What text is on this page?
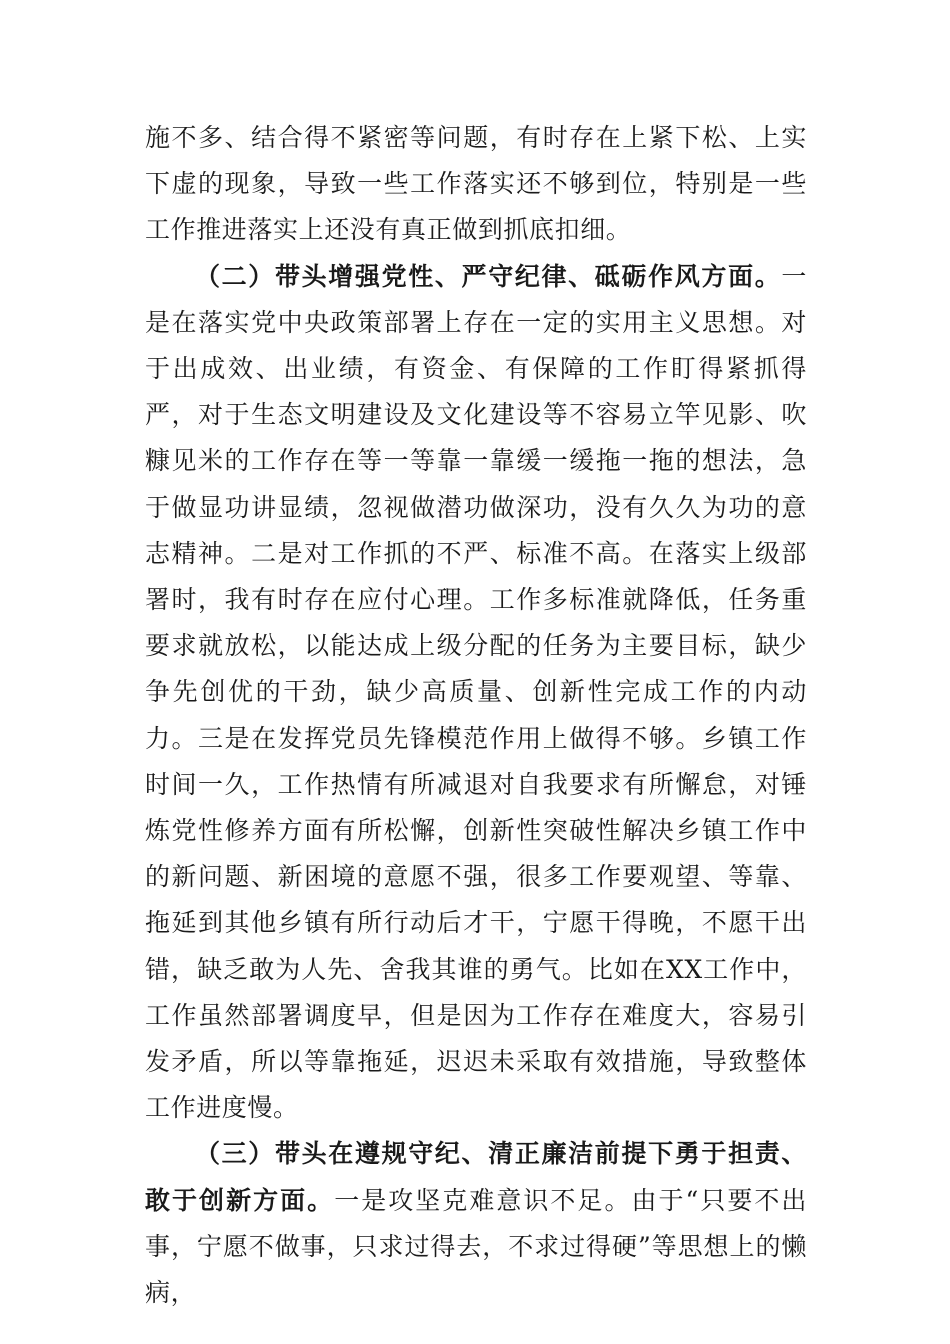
施不多、结合得不紧密等问题，有时存在上紧下松、上实下虚的现象，导致一些工作落实还不够到位，特别是一些工作推进落实上还没有真正做到抓底扣细。

（二）带头增强党性、严守纪律、砥砺作风方面。一是在落实党中央政策部署上存在一定的实用主义思想。对于出成效、出业绩，有资金、有保障的工作盯得紧抓得严，对于生态文明建设及文化建设等不容易立竿见影、吹糠见米的工作存在等一等靠一靠缓一缓拖一拖的想法，急于做显功讲显绩，忽视做潜功做深功，没有久久为功的意志精神。二是对工作抓的不严、标准不高。在落实上级部署时，我有时存在应付心理。工作多标准就降低，任务重要求就放松，以能达成上级分配的任务为主要目标，缺少争先创优的干劲，缺少高质量、创新性完成工作的内动力。三是在发挥党员先锋模范作用上做得不够。乡镇工作时间一久，工作热情有所减退对自我要求有所懈怠，对锤炼党性修养方面有所松懈，创新性突破性解决乡镇工作中的新问题、新困境的意愿不强，很多工作要观望、等靠、拖延到其他乡镇有所行动后才干，宁愿干得晚，不愿干出错，缺乏敢为人先、舍我其谁的勇气。比如在XX工作中，工作虽然部署调度早，但是因为工作存在难度大，容易引发矛盾，所以等靠拖延，迟迟未采取有效措施，导致整体工作进度慢。

（三）带头在遵规守纪、清正廉洁前提下勇于担责、敢于创新方面。一是攻坚克难意识不足。由于“只要不出事，宁愿不做事，只求过得去，不求过得硬”等思想上的懒病，
